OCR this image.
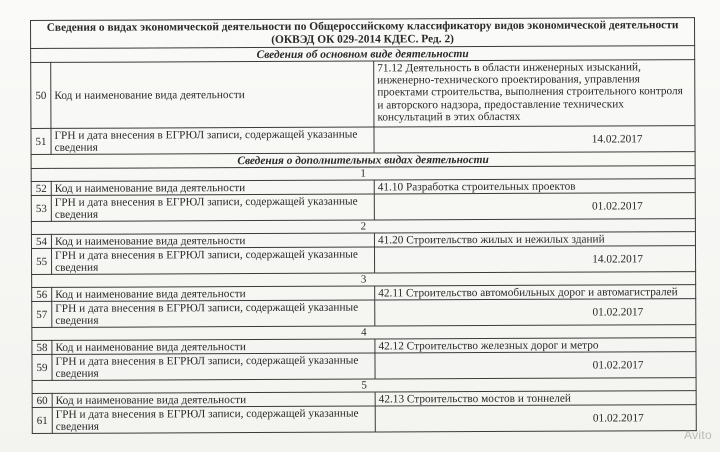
Сведения о видах экономической деятельности по Общероссийскому классификатору видов экономической деятельности
(ОКВЭД ОК 029-2014 КДЕС. Ред. 2)		

Сведения об основном виде деятельности		
50	Код и наименование вида деятельности	71.12 Деятельность в области инженерных изысканий, инженерно-технического проектирования, управления проектами строительства, выполнения строительного контроля и авторского надзора, предоставление технических консультаций в этих областях
51	ГРН и дата внесения в ЕГРЮЛ записи, содержащей указанные сведения	14.02.2017
Сведения о дополнительных видах деятельности		
1		
52	Код и наименование вида деятельности	41.10 Разработка строительных проектов
53	ГРН и дата внесения в ЕГРЮЛ записи, содержащей указанные сведения	01.02.2017
2		
54	Код и наименование вида деятельности	41.20 Строительство жилых и нежилых зданий
55	ГРН и дата внесения в ЕГРЮЛ записи, содержащей указанные сведения	14.02.2017
3		
56	Код и наименование вида деятельности	42.11 Строительство автомобильных дорог и автомагистралей
57	ГРН и дата внесения в ЕГРЮЛ записи, содержащей указанные сведения	01.02.2017
4		
58	Код и наименование вида деятельности	42.12 Строительство железных дорог и метро
59	ГРН и дата внесения в ЕГРЮЛ записи, содержащей указанные сведения	01.02.2017
5		
60	Код и наименование вида деятельности	42.13 Строительство мостов и тоннелей
61	ГРН и дата внесения в ЕГРЮЛ записи, содержащей указанные сведения	01.02.2017
Avito
